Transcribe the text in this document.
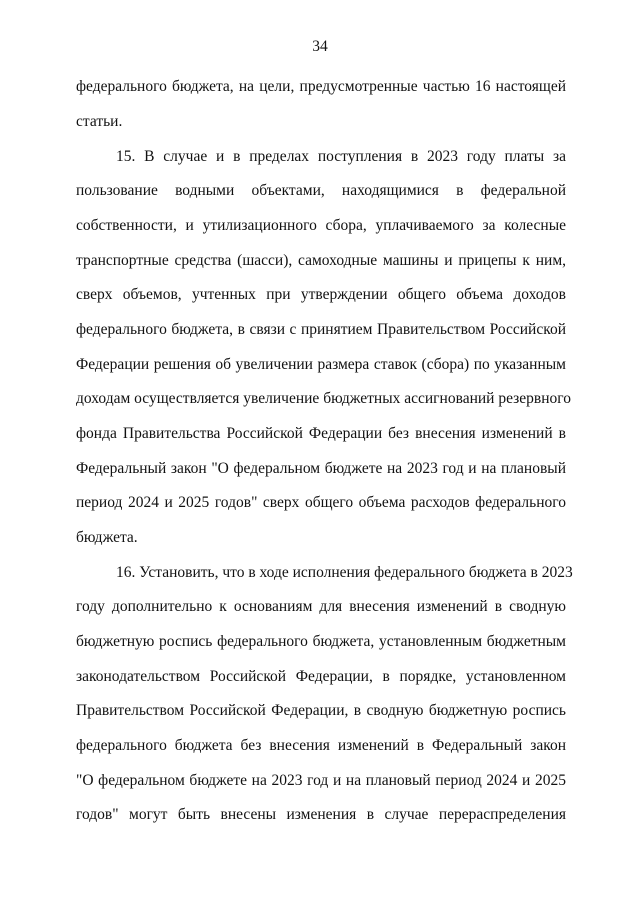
34
федерального бюджета, на цели, предусмотренные частью 16 настоящей
статьи.
15. В случае и в пределах поступления в 2023 году платы за
пользование водными объектами, находящимися в федеральной
собственности, и утилизационного сбора, уплачиваемого за колесные
транспортные средства (шасси), самоходные машины и прицепы к ним,
сверх объемов, учтенных при утверждении общего объема доходов
федерального бюджета, в связи с принятием Правительством Российской
Федерации решения об увеличении размера ставок (сбора) по указанным
доходам осуществляется увеличение бюджетных ассигнований резервного
фонда Правительства Российской Федерации без внесения изменений в
Федеральный закон "О федеральном бюджете на 2023 год и на плановый
период 2024 и 2025 годов" сверх общего объема расходов федерального
бюджета.
16. Установить, что в ходе исполнения федерального бюджета в 2023
году дополнительно к основаниям для внесения изменений в сводную
бюджетную роспись федерального бюджета, установленным бюджетным
законодательством Российской Федерации, в порядке, установленном
Правительством Российской Федерации, в сводную бюджетную роспись
федерального бюджета без внесения изменений в Федеральный закон
"О федеральном бюджете на 2023 год и на плановый период 2024 и 2025
годов" могут быть внесены изменения в случае перераспределения
